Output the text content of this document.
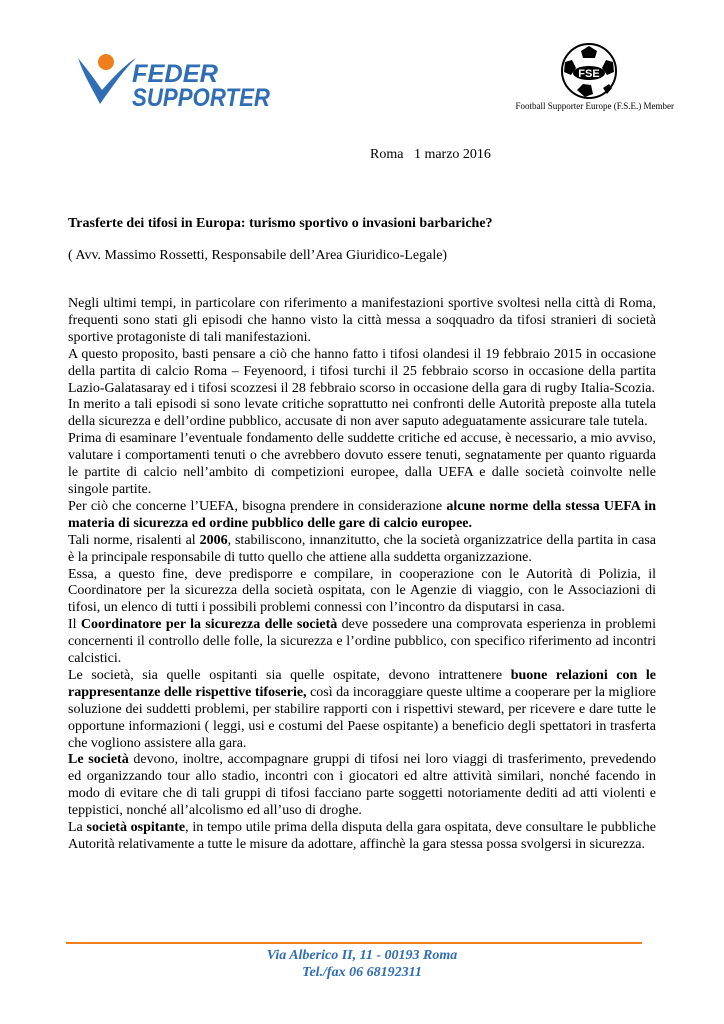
FEDER
SUPPORTER
FSE
Football Supporter Europe (F.S.E.) Member
Roma   1 marzo 2016
Trasferte dei tifosi in Europa: turismo sportivo o invasioni barbariche?
( Avv. Massimo Rossetti, Responsabile dell’Area Giuridico-Legale)

Negli ultimi tempi, in particolare con riferimento a manifestazioni sportive svoltesi nella città di Roma, frequenti sono stati gli episodi che hanno visto la città messa a soqquadro da tifosi stranieri di società sportive protagoniste di tali manifestazioni.

A questo proposito, basti pensare a ciò che hanno fatto i tifosi olandesi il 19 febbraio 2015 in occasione della partita di calcio Roma – Feyenoord, i tifosi turchi il 25 febbraio scorso in occasione della partita Lazio-Galatasaray ed i tifosi scozzesi il 28 febbraio scorso in occasione della gara di rugby Italia-Scozia.

In merito a tali episodi si sono levate critiche soprattutto nei confronti delle Autorità preposte alla tutela della sicurezza e dell’ordine pubblico, accusate di non aver saputo adeguatamente assicurare tale tutela.

Prima di esaminare l’eventuale fondamento delle suddette critiche ed accuse, è necessario, a mio avviso, valutare i comportamenti tenuti o che avrebbero dovuto essere tenuti, segnatamente per quanto riguarda le partite di calcio nell’ambito di competizioni europee, dalla UEFA e dalle società coinvolte nelle singole partite.

Per ciò che concerne l’UEFA, bisogna prendere in considerazione alcune norme della stessa UEFA in materia di sicurezza ed ordine pubblico delle gare di calcio europee.

Tali norme, risalenti al 2006, stabiliscono, innanzitutto, che la società organizzatrice della partita in casa è la principale responsabile di tutto quello che attiene alla suddetta organizzazione.

Essa, a questo fine, deve predisporre e compilare, in cooperazione con le Autorità di Polizia, il Coordinatore per la sicurezza della società ospitata, con le Agenzie di viaggio, con le Associazioni di tifosi, un elenco di tutti i possibili problemi connessi con l’incontro da disputarsi in casa.

Il Coordinatore per la sicurezza delle società deve possedere una comprovata esperienza in problemi concernenti il controllo delle folle, la sicurezza e l’ordine pubblico, con specifico riferimento ad incontri calcistici.

Le società, sia quelle ospitanti sia quelle ospitate, devono intrattenere buone relazioni con le rappresentanze delle rispettive tifoserie, così da incoraggiare queste ultime a cooperare per la migliore soluzione dei suddetti problemi, per stabilire rapporti con i rispettivi steward, per ricevere e dare tutte le opportune informazioni ( leggi, usi e costumi del Paese ospitante) a beneficio degli spettatori in trasferta che vogliono assistere alla gara.

Le società devono, inoltre, accompagnare gruppi di tifosi nei loro viaggi di trasferimento, prevedendo ed organizzando tour allo stadio, incontri con i giocatori ed altre attività similari, nonché facendo in modo di evitare che di tali gruppi di tifosi facciano parte soggetti notoriamente dediti ad atti violenti e teppistici, nonché all’alcolismo ed all’uso di droghe.

La società ospitante, in tempo utile prima della disputa della gara ospitata, deve consultare le pubbliche Autorità relativamente a tutte le misure da adottare, affinchè la gara stessa possa svolgersi in sicurezza.

Via Alberico II, 11 - 00193 Roma
Tel./fax 06 68192311
